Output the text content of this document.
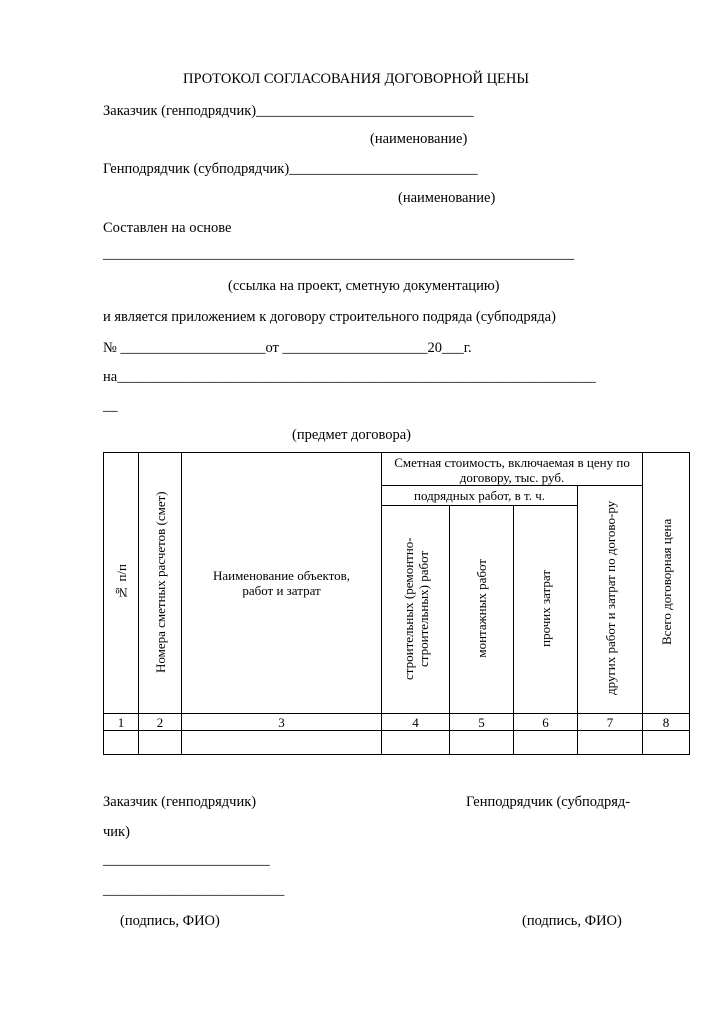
ПРОТОКОЛ СОГЛАСОВАНИЯ ДОГОВОРНОЙ ЦЕНЫ
Заказчик (генподрядчик)______________________________
(наименование)
Генподрядчик (субподрядчик)__________________________
(наименование)
Составлен на основе
_________________________________________________________________
(ссылка на проект, сметную документацию)
и является приложением к договору строительного подряда (субподряда)
№ ____________________от ____________________20___г.
на__________________________________________________________________
__
(предмет договора)
№ п/п	Номера сметных расчетов (смет)	Наименование объектов, работ и затрат	Сметная стоимость, включаемая в цену по договору, тыс. руб.				Всего договорная цена
			подрядных работ, в т. ч.			других работ и затрат по догово-ру	
			строительных (ремонтно-строительных) работ	монтажных работ	прочих затрат		
1	2	3	4	5	6	7	8

Заказчик (генподрядчик)	Генподрядчик (субподряд-
чик)
_______________________
_________________________
(подпись, ФИО)	(подпись, ФИО)
